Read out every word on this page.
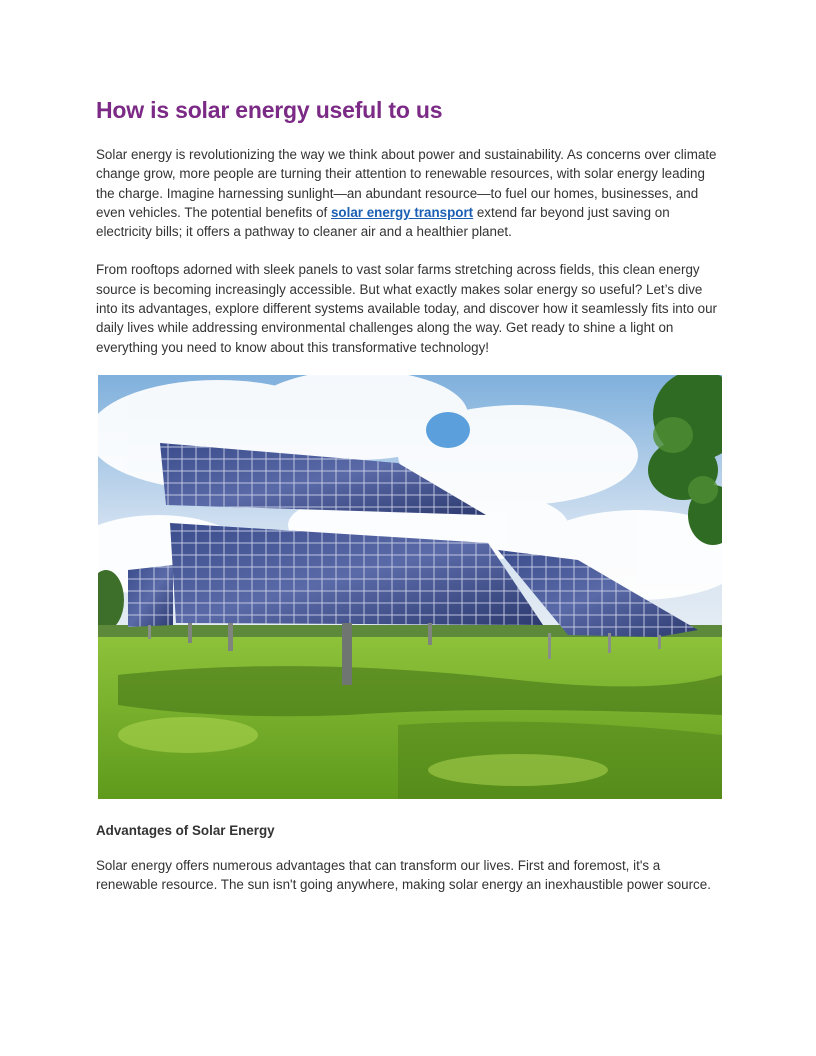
How is solar energy useful to us

Solar energy is revolutionizing the way we think about power and sustainability. As concerns over climate change grow, more people are turning their attention to renewable resources, with solar energy leading the charge. Imagine harnessing sunlight—an abundant resource—to fuel our homes, businesses, and even vehicles. The potential benefits of solar energy transport extend far beyond just saving on electricity bills; it offers a pathway to cleaner air and a healthier planet.

From rooftops adorned with sleek panels to vast solar farms stretching across fields, this clean energy source is becoming increasingly accessible. But what exactly makes solar energy so useful? Let’s dive into its advantages, explore different systems available today, and discover how it seamlessly fits into our daily lives while addressing environmental challenges along the way. Get ready to shine a light on everything you need to know about this transformative technology!

Advantages of Solar Energy

Solar energy offers numerous advantages that can transform our lives. First and foremost, it's a renewable resource. The sun isn't going anywhere, making solar energy an inexhaustible power source.
